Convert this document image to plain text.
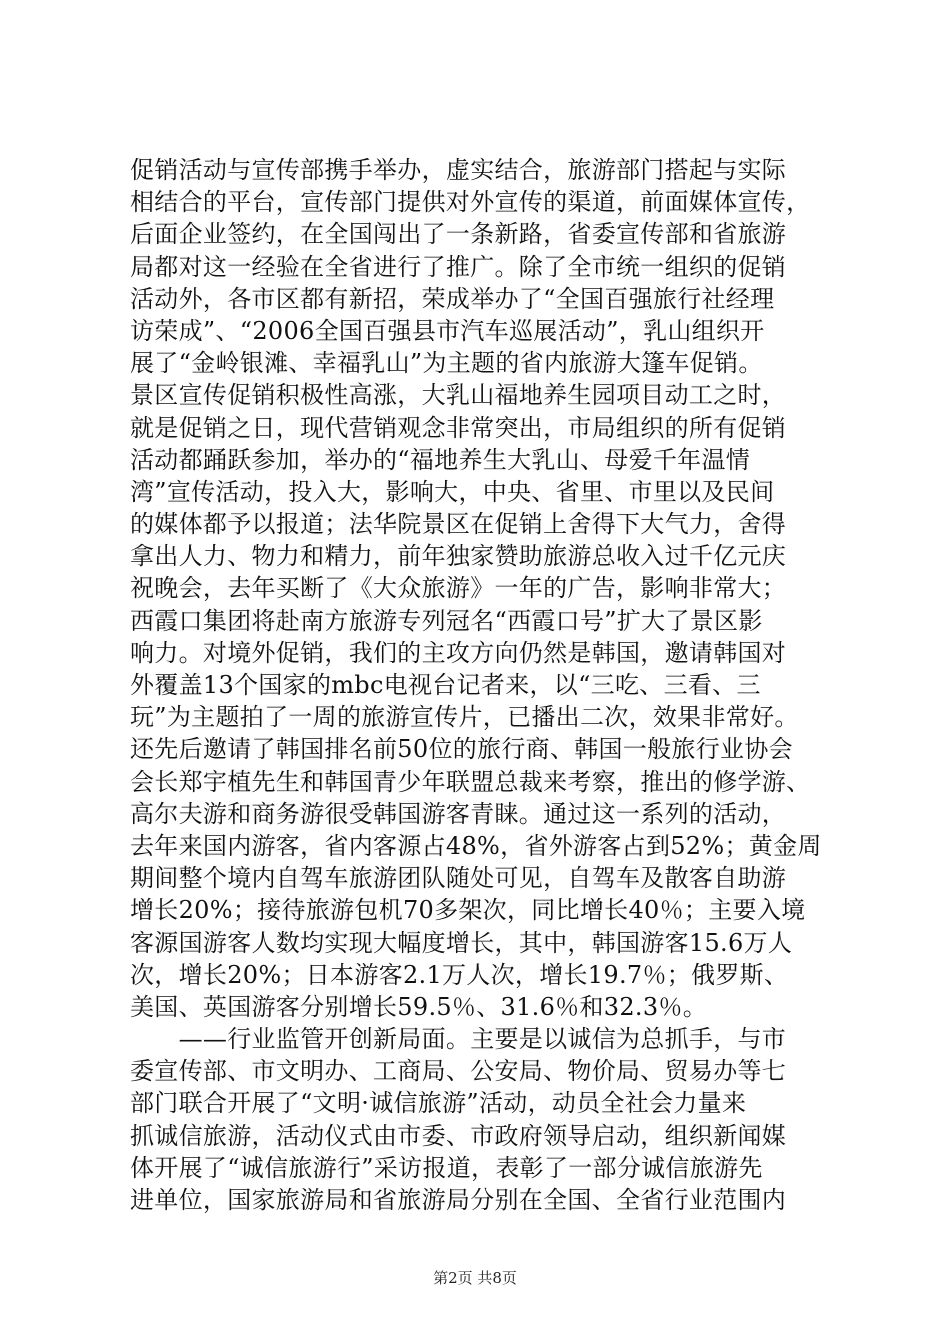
促销活动与宣传部携手举办，虚实结合，旅游部门搭起与实际
相结合的平台，宣传部门提供对外宣传的渠道，前面媒体宣传，
后面企业签约，在全国闯出了一条新路，省委宣传部和省旅游
局都对这一经验在全省进行了推广。除了全市统一组织的促销
活动外，各市区都有新招，荣成举办了“全国百强旅行社经理
访荣成”、“2006全国百强县市汽车巡展活动”，乳山组织开
展了“金岭银滩、幸福乳山”为主题的省内旅游大篷车促销。
景区宣传促销积极性高涨，大乳山福地养生园项目动工之时，
就是促销之日，现代营销观念非常突出，市局组织的所有促销
活动都踊跃参加，举办的“福地养生大乳山、母爱千年温情
湾”宣传活动，投入大，影响大，中央、省里、市里以及民间
的媒体都予以报道；法华院景区在促销上舍得下大气力，舍得
拿出人力、物力和精力，前年独家赞助旅游总收入过千亿元庆
祝晚会，去年买断了《大众旅游》一年的广告，影响非常大；
西霞口集团将赴南方旅游专列冠名“西霞口号”扩大了景区影
响力。对境外促销，我们的主攻方向仍然是韩国，邀请韩国对
外覆盖13个国家的mbc电视台记者来，以“三吃、三看、三
玩”为主题拍了一周的旅游宣传片，已播出二次，效果非常好。
还先后邀请了韩国排名前50位的旅行商、韩国一般旅行业协会
会长郑宇植先生和韩国青少年联盟总裁来考察，推出的修学游、
高尔夫游和商务游很受韩国游客青睐。通过这一系列的活动，
去年来国内游客，省内客源占48%，省外游客占到52%；黄金周
期间整个境内自驾车旅游团队随处可见，自驾车及散客自助游
增长20%；接待旅游包机70多架次，同比增长40％；主要入境
客源国游客人数均实现大幅度增长，其中，韩国游客15.6万人
次，增长20%；日本游客2.1万人次，增长19.7％；俄罗斯、
美国、英国游客分别增长59.5％、31.6％和32.3％。
　　——行业监管开创新局面。主要是以诚信为总抓手，与市
委宣传部、市文明办、工商局、公安局、物价局、贸易办等七
部门联合开展了“文明·诚信旅游”活动，动员全社会力量来
抓诚信旅游，活动仪式由市委、市政府领导启动，组织新闻媒
体开展了“诚信旅游行”采访报道，表彰了一部分诚信旅游先
进单位，国家旅游局和省旅游局分别在全国、全省行业范围内
第2页 共8页
